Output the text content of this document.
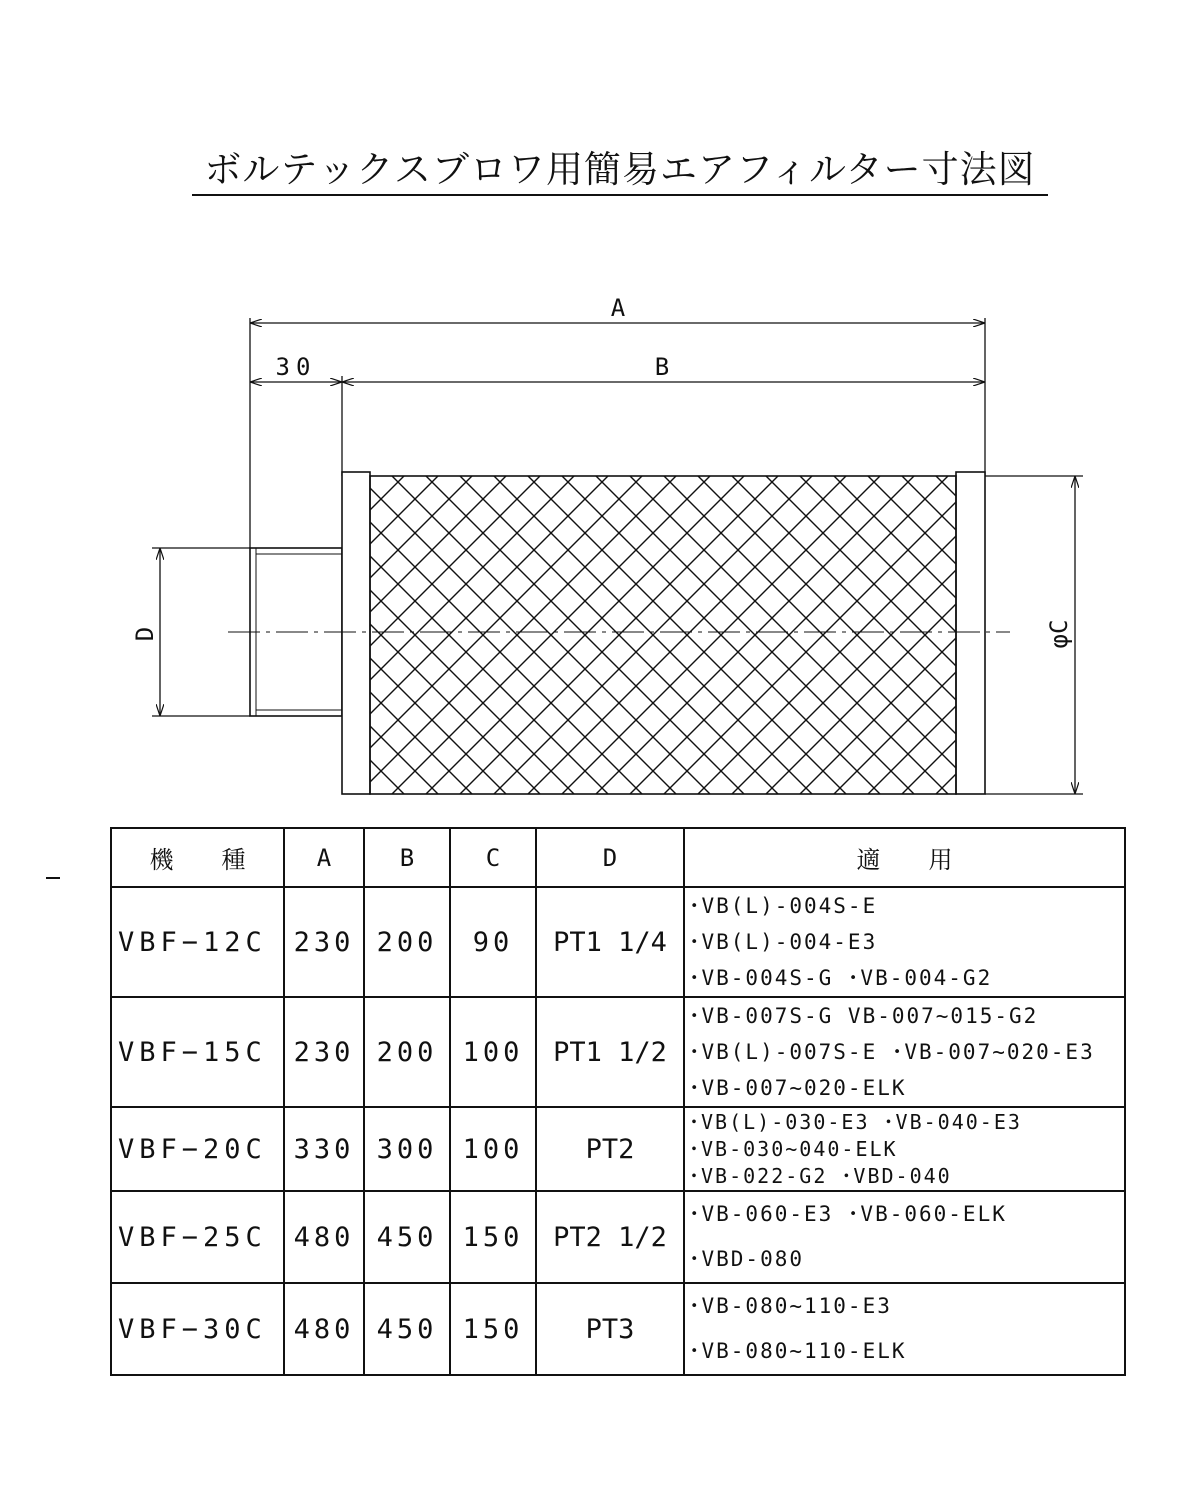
ボルテックスブロワ用簡易エアフィルター寸法図
A
B
30
D	φC
機　　種	A	B	C	D	適　　用
VBF−12C	230	200	90	PT1 1/4	･VB(L)-004S-E
･VB(L)-004-E3
･VB-004S-G ･VB-004-G2

VBF−15C	230	200	100	PT1 1/2	･VB-007S-G VB-007~015-G2
･VB(L)-007S-E ･VB-007~020-E3
･VB-007~020-ELK

VBF−20C	330	300	100	PT2	･VB(L)-030-E3 ･VB-040-E3
･VB-030~040-ELK
･VB-022-G2 ･VBD-040

VBF−25C	480	450	150	PT2 1/2	･VB-060-E3 ･VB-060-ELK
･VBD-080

VBF−30C	480	450	150	PT3	･VB-080~110-E3
･VB-080~110-ELK
